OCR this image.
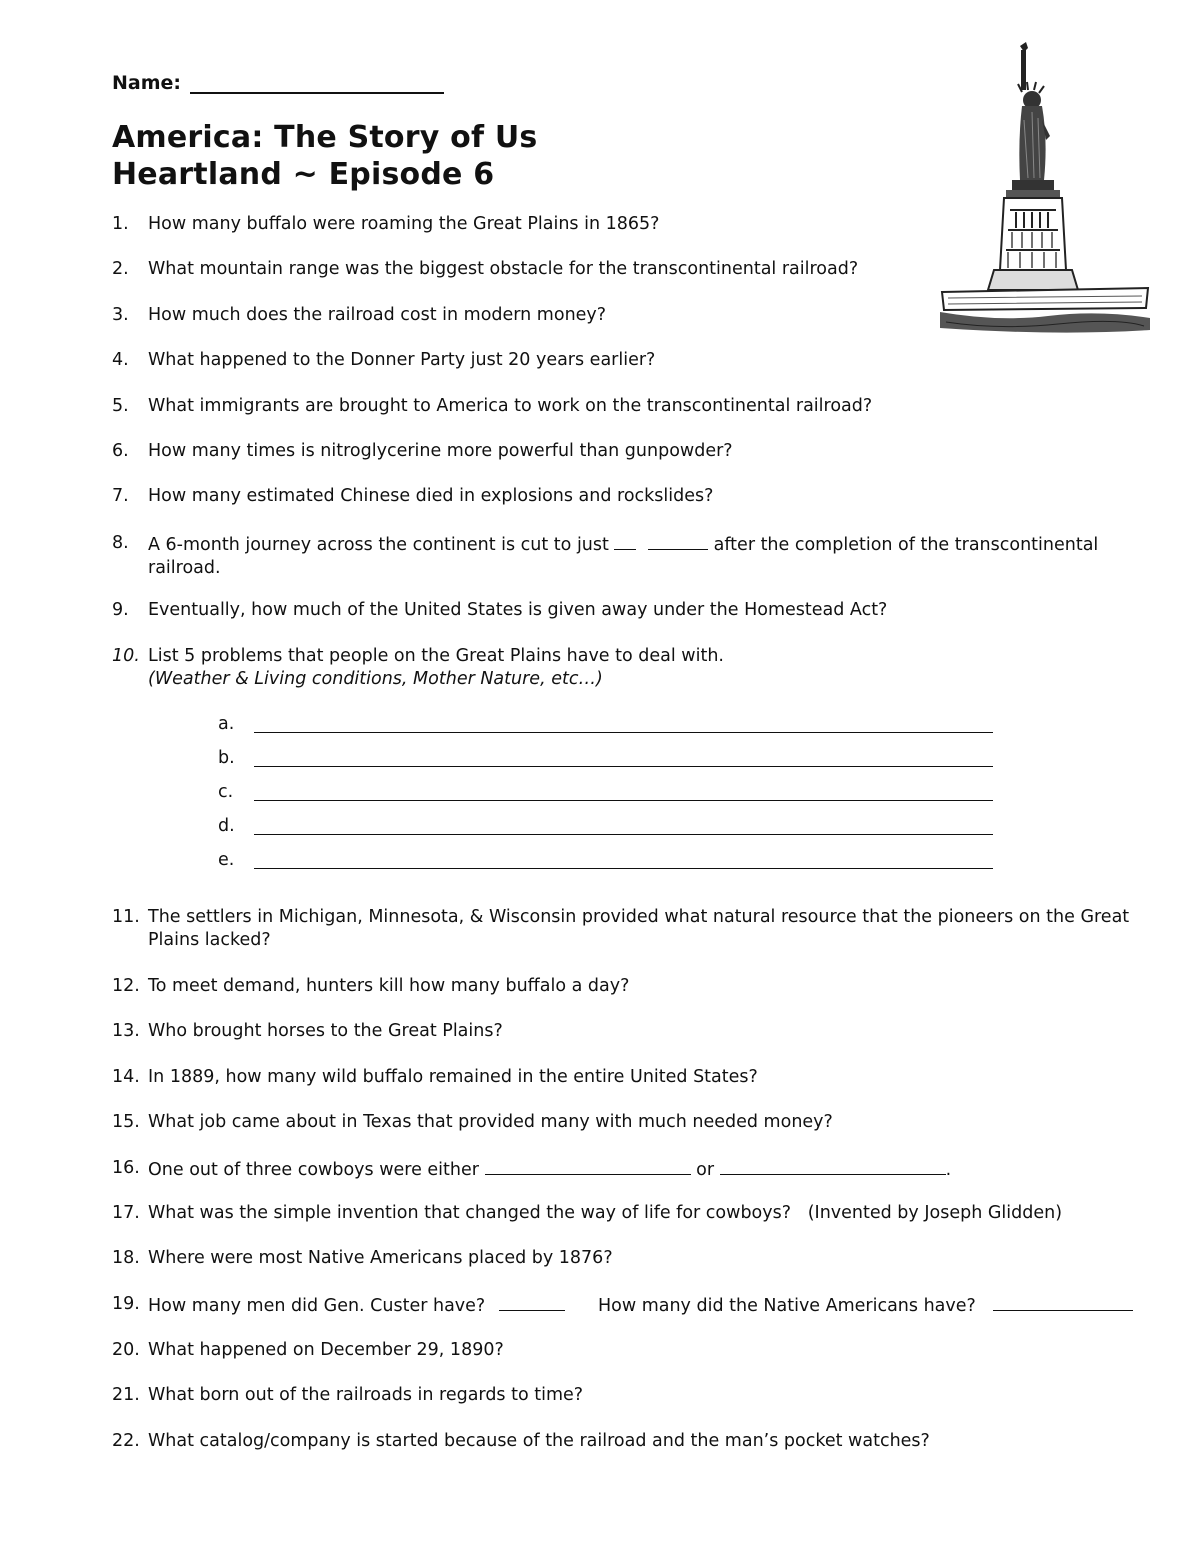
Name:
America: The Story of Us
Heartland ~ Episode 6
1.	How many buffalo were roaming the Great Plains in 1865?
2.	What mountain range was the biggest obstacle for the transcontinental railroad?
3.	How much does the railroad cost in modern money?
4.	What happened to the Donner Party just 20 years earlier?
5.	What immigrants are brought to America to work on the transcontinental railroad?
6.	How many times is nitroglycerine more powerful than gunpowder?
7.	How many estimated Chinese died in explosions and rockslides?
8.	A 6-month journey across the continent is cut to just	after the completion of the transcontinental railroad.
9.	Eventually, how much of the United States is given away under the Homestead Act?
10. List 5 problems that people on the Great Plains have to deal with.
(Weather & Living conditions, Mother Nature, etc…)
a.
b.
c.
d.
e.
11. The settlers in Michigan, Minnesota, & Wisconsin provided what natural resource that the pioneers on the Great Plains lacked?
12. To meet demand, hunters kill how many buffalo a day?
13. Who brought horses to the Great Plains?
14. In 1889, how many wild buffalo remained in the entire United States?
15. What job came about in Texas that provided many with much needed money?
16. One out of three cowboys were either	or	.
17. What was the simple invention that changed the way of life for cowboys?   (Invented by Joseph Glidden)
18. Where were most Native Americans placed by 1876?
19. How many men did Gen. Custer have?	How many did the Native Americans have?
20. What happened on December 29, 1890?
21. What born out of the railroads in regards to time?
22. What catalog/company is started because of the railroad and the man’s pocket watches?
